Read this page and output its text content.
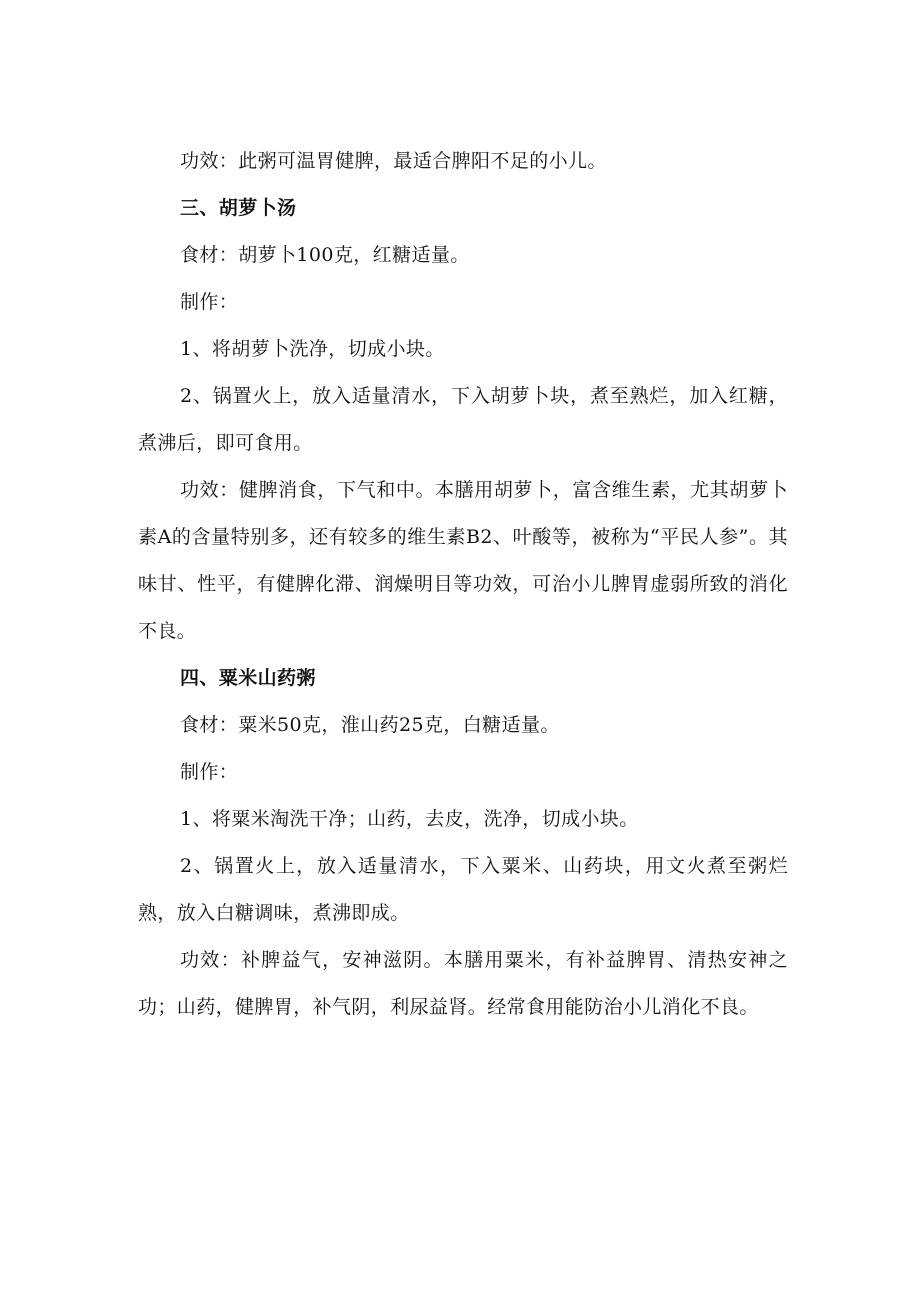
功效：此粥可温胃健脾，最适合脾阳不足的小儿。

三、胡萝卜汤

食材：胡萝卜100克，红糖适量。

制作：

1、将胡萝卜洗净，切成小块。

2、锅置火上，放入适量清水，下入胡萝卜块，煮至熟烂，加入红糖，煮沸后，即可食用。

功效：健脾消食，下气和中。本膳用胡萝卜，富含维生素，尤其胡萝卜素A的含量特别多，还有较多的维生素B2、叶酸等，被称为“平民人参”。其味甘、性平，有健脾化滞、润燥明目等功效，可治小儿脾胃虚弱所致的消化不良。

四、粟米山药粥

食材：粟米50克，淮山药25克，白糖适量。

制作：

1、将粟米淘洗干净；山药，去皮，洗净，切成小块。

2、锅置火上，放入适量清水，下入粟米、山药块，用文火煮至粥烂熟，放入白糖调味，煮沸即成。

功效：补脾益气，安神滋阴。本膳用粟米，有补益脾胃、清热安神之功；山药，健脾胃，补气阴，利尿益肾。经常食用能防治小儿消化不良。
